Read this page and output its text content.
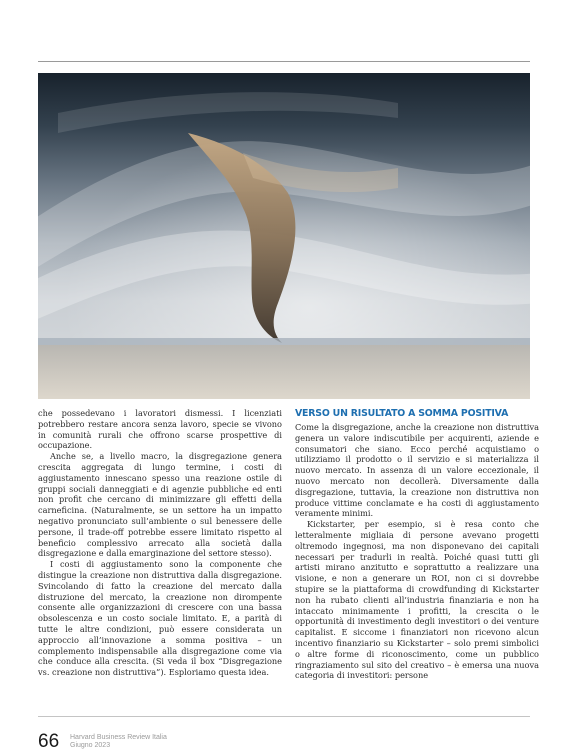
che possedevano i lavoratori dismessi. I licenziati potrebbero restare ancora senza lavoro, specie se vivono in comunità rurali che offrono scarse prospettive di occupazione.

Anche se, a livello macro, la disgregazione genera crescita aggregata di lungo termine, i costi di aggiustamento innescano spesso una reazione ostile di gruppi sociali danneggiati e di agenzie pubbliche ed enti non profit che cercano di minimizzare gli effetti della carneficina. (Naturalmente, se un settore ha un impatto negativo pronunciato sull’ambiente o sul benessere delle persone, il trade-off potrebbe essere limitato rispetto al beneficio complessivo arrecato alla società dalla disgregazione e dalla emarginazione del settore stesso).

I costi di aggiustamento sono la componente che distingue la creazione non distruttiva dalla disgregazione. Svincolando di fatto la creazione del mercato dalla distruzione del mercato, la creazione non dirompente consente alle organizzazioni di crescere con una bassa obsolescenza e un costo sociale limitato. E, a parità di tutte le altre condizioni, può essere considerata un approccio all’innovazione a somma positiva – un complemento indispensabile alla disgregazione come via che conduce alla crescita. (Si veda il box “Disgregazione vs. creazione non distruttiva”). Esploriamo questa idea.

VERSO UN RISULTATO A SOMMA POSITIVA

Come la disgregazione, anche la creazione non distruttiva genera un valore indiscutibile per acquirenti, aziende e consumatori che siano. Ecco perché acquistiamo o utilizziamo il prodotto o il servizio e si materializza il nuovo mercato. In assenza di un valore eccezionale, il nuovo mercato non decollerà. Diversamente dalla disgregazione, tuttavia, la creazione non distruttiva non produce vittime conclamate e ha costi di aggiustamento veramente minimi.

Kickstarter, per esempio, si è resa conto che letteralmente migliaia di persone avevano progetti oltremodo ingegnosi, ma non disponevano dei capitali necessari per tradurli in realtà. Poiché quasi tutti gli artisti mirano anzitutto e soprattutto a realizzare una visione, e non a generare un ROI, non ci si dovrebbe stupire se la piattaforma di crowdfunding di Kickstarter non ha rubato clienti all’industria finanziaria e non ha intaccato minimamente i profitti, la crescita o le opportunità di investimento degli investitori o dei venture capitalist. E siccome i finanziatori non ricevono alcun incentivo finanziario su Kickstarter – solo premi simbolici o altre forme di riconoscimento, come un pubblico ringraziamento sul sito del creativo – è emersa una nuova categoria di investitori: persone

66 Harvard Business Review Italia
Giugno 2023
